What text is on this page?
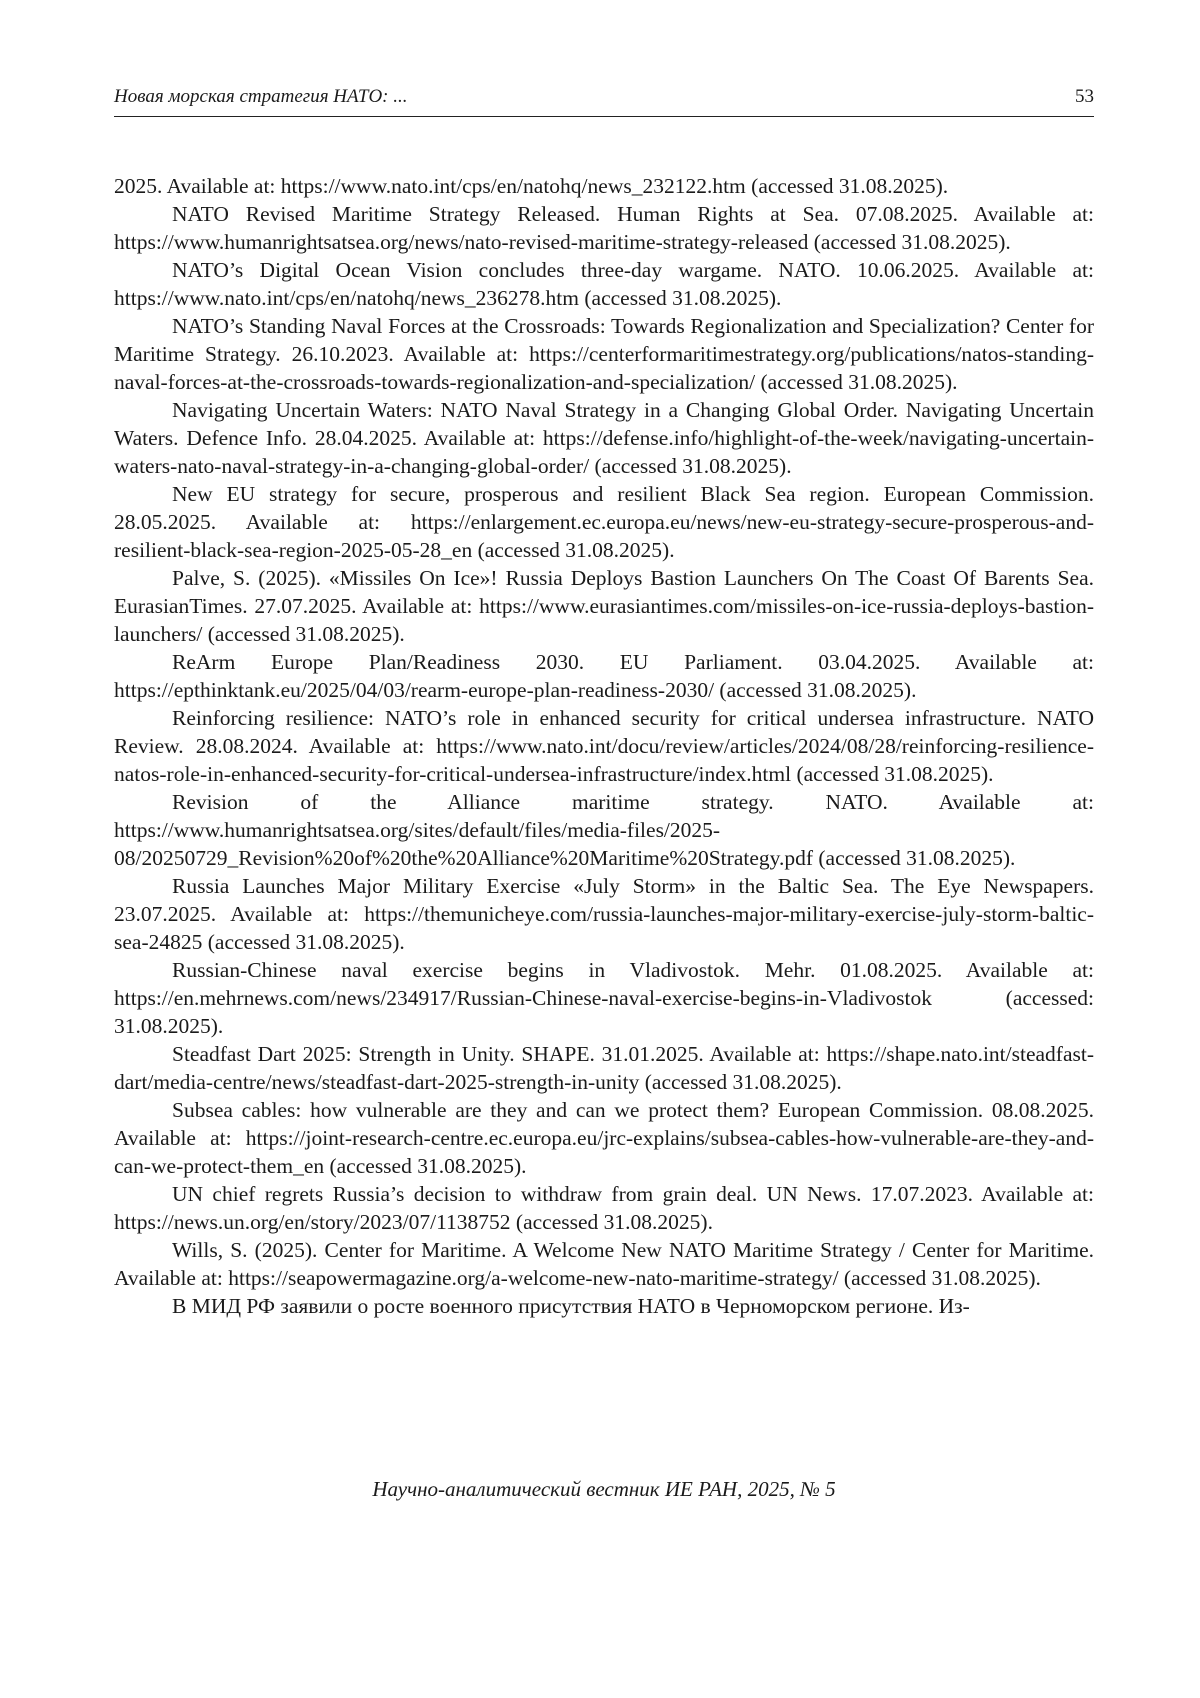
Новая морская стратегия НАТО: ...	53

2025. Available at: https://www.nato.int/cps/en/natohq/news_232122.htm (accessed 31.08.2025).

NATO Revised Maritime Strategy Released. Human Rights at Sea. 07.08.2025. Available at: https://www.humanrightsatsea.org/news/nato-revised-maritime-strategy-released (accessed 31.08.2025).

NATO’s Digital Ocean Vision concludes three-day wargame. NATO. 10.06.2025. Available at: https://www.nato.int/cps/en/natohq/news_236278.htm (accessed 31.08.2025).

NATO’s Standing Naval Forces at the Crossroads: Towards Regionalization and Specialization? Center for Maritime Strategy. 26.10.2023. Available at: https://centerformaritimestrategy.org/publications/natos-standing-naval-forces-at-the-crossroads-towards-regionalization-and-specialization/ (accessed 31.08.2025).

Navigating Uncertain Waters: NATO Naval Strategy in a Changing Global Order. Navigating Uncertain Waters. Defence Info. 28.04.2025. Available at: https://defense.info/highlight-of-the-week/navigating-uncertain-waters-nato-naval-strategy-in-a-changing-global-order/ (accessed 31.08.2025).

New EU strategy for secure, prosperous and resilient Black Sea region. European Commission. 28.05.2025. Available at: https://enlargement.ec.europa.eu/news/new-eu-strategy-secure-prosperous-and-resilient-black-sea-region-2025-05-28_en (accessed 31.08.2025).

Palve, S. (2025). «Missiles On Ice»! Russia Deploys Bastion Launchers On The Coast Of Barents Sea. EurasianTimes. 27.07.2025. Available at: https://www.eurasiantimes.com/missiles-on-ice-russia-deploys-bastion-launchers/ (accessed 31.08.2025).

ReArm Europe Plan/Readiness 2030. EU Parliament. 03.04.2025. Available at: https://epthinktank.eu/2025/04/03/rearm-europe-plan-readiness-2030/ (accessed 31.08.2025).

Reinforcing resilience: NATO’s role in enhanced security for critical undersea infrastructure. NATO Review. 28.08.2024. Available at: https://www.nato.int/docu/review/articles/2024/08/28/reinforcing-resilience-natos-role-in-enhanced-security-for-critical-undersea-infrastructure/index.html (accessed 31.08.2025).

Revision of the Alliance maritime strategy. NATO. Available at: https://www.humanrightsatsea.org/sites/default/files/media-files/2025-08/20250729_Revision%20of%20the%20Alliance%20Maritime%20Strategy.pdf (accessed 31.08.2025).

Russia Launches Major Military Exercise «July Storm» in the Baltic Sea. The Eye Newspapers. 23.07.2025. Available at: https://themunicheye.com/russia-launches-major-military-exercise-july-storm-baltic-sea-24825 (accessed 31.08.2025).

Russian-Chinese naval exercise begins in Vladivostok. Mehr. 01.08.2025. Available at: https://en.mehrnews.com/news/234917/Russian-Chinese-naval-exercise-begins-in-Vladivostok (accessed: 31.08.2025).

Steadfast Dart 2025: Strength in Unity. SHAPE. 31.01.2025. Available at: https://shape.nato.int/steadfast-dart/media-centre/news/steadfast-dart-2025-strength-in-unity (accessed 31.08.2025).

Subsea cables: how vulnerable are they and can we protect them? European Commission. 08.08.2025. Available at: https://joint-research-centre.ec.europa.eu/jrc-explains/subsea-cables-how-vulnerable-are-they-and-can-we-protect-them_en (accessed 31.08.2025).

UN chief regrets Russia’s decision to withdraw from grain deal. UN News. 17.07.2023. Available at: https://news.un.org/en/story/2023/07/1138752 (accessed 31.08.2025).

Wills, S. (2025). Center for Maritime. A Welcome New NATO Maritime Strategy / Center for Maritime. Available at: https://seapowermagazine.org/a-welcome-new-nato-maritime-strategy/ (accessed 31.08.2025).

В МИД РФ заявили о росте военного присутствия НАТО в Черноморском регионе. Из-

Научно-аналитический вестник ИЕ РАН, 2025, № 5
